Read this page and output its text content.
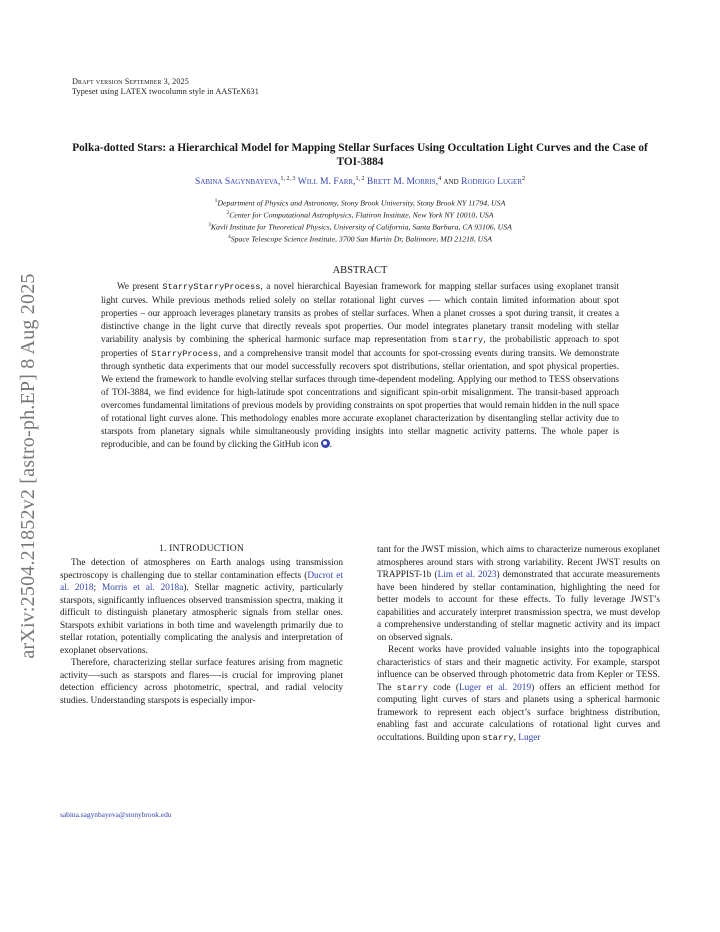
Draft version September 3, 2025
Typeset using LATEX twocolumn style in AASTeX631
arXiv:2504.21852v2 [astro-ph.EP] 8 Aug 2025
Polka-dotted Stars: a Hierarchical Model for Mapping Stellar Surfaces Using Occultation Light Curves and the Case of TOI-3884
Sabina Sagynbayeva,$^{1, 2, 3}$ Will M. Farr,$^{1, 2}$ Brett M. Morris,$^4$ and Rodrigo Luger$^2$
$^1$Department of Physics and Astronomy, Stony Brook University, Stony Brook NY 11794, USA
$^2$Center for Computational Astrophysics, Flatiron Institute, New York NY 10010, USA
$^3$Kavli Institute for Theoretical Physics, University of California, Santa Barbara, CA 93106, USA
$^4$Space Telescope Science Institute, 3700 San Martin Dr, Baltimore, MD 21218, USA
ABSTRACT
We present StarryStarryProcess, a novel hierarchical Bayesian framework for mapping stellar surfaces using exoplanet transit light curves. While previous methods relied solely on stellar rotational light curves -— which contain limited information about spot properties – our approach leverages planetary transits as probes of stellar surfaces. When a planet crosses a spot during transit, it creates a distinctive change in the light curve that directly reveals spot properties. Our model integrates planetary transit modeling with stellar variability analysis by combining the spherical harmonic surface map representation from starry, the probabilistic approach to spot properties of StarryProcess, and a comprehensive transit model that accounts for spot-crossing events during transits. We demonstrate through synthetic data experiments that our model successfully recovers spot distributions, stellar orientation, and spot physical properties. We extend the framework to handle evolving stellar surfaces through time-dependent modeling. Applying our method to TESS observations of TOI-3884, we find evidence for high-latitude spot concentrations and significant spin-orbit misalignment. The transit-based approach overcomes fundamental limitations of previous models by providing constraints on spot properties that would remain hidden in the null space of rotational light curves alone. This methodology enables more accurate exoplanet characterization by disentangling stellar activity due to starspots from planetary signals while simultaneously providing insights into stellar magnetic activity patterns. The whole paper is reproducible, and can be found by clicking the GitHub icon .
1. INTRODUCTION

The detection of atmospheres on Earth analogs using transmission spectroscopy is challenging due to stellar contamination effects (Ducrot et al. 2018; Morris et al. 2018a). Stellar magnetic activity, particularly starspots, significantly influences observed transmission spectra, making it difficult to distinguish planetary atmospheric signals from stellar ones. Starspots exhibit variations in both time and wavelength primarily due to stellar rotation, potentially complicating the analysis and interpretation of exoplanet observations.

Therefore, characterizing stellar surface features arising from magnetic activity—-such as starspots and flares—-is crucial for improving planet detection efficiency across photometric, spectral, and radial velocity studies. Understanding starspots is especially impor-

tant for the JWST mission, which aims to characterize numerous exoplanet atmospheres around stars with strong variability. Recent JWST results on TRAPPIST-1b (Lim et al. 2023) demonstrated that accurate measurements have been hindered by stellar contamination, highlighting the need for better models to account for these effects. To fully leverage JWST’s capabilities and accurately interpret transmission spectra, we must develop a comprehensive understanding of stellar magnetic activity and its impact on observed signals.

Recent works have provided valuable insights into the topographical characteristics of stars and their magnetic activity. For example, starspot influence can be observed through photometric data from Kepler or TESS. The starry code (Luger et al. 2019) offers an efficient method for computing light curves of stars and planets using a spherical harmonic framework to represent each object’s surface brightness distribution, enabling fast and accurate calculations of rotational light curves and occultations. Building upon starry, Luger

sabina.sagynbayeva@stonybrook.edu
